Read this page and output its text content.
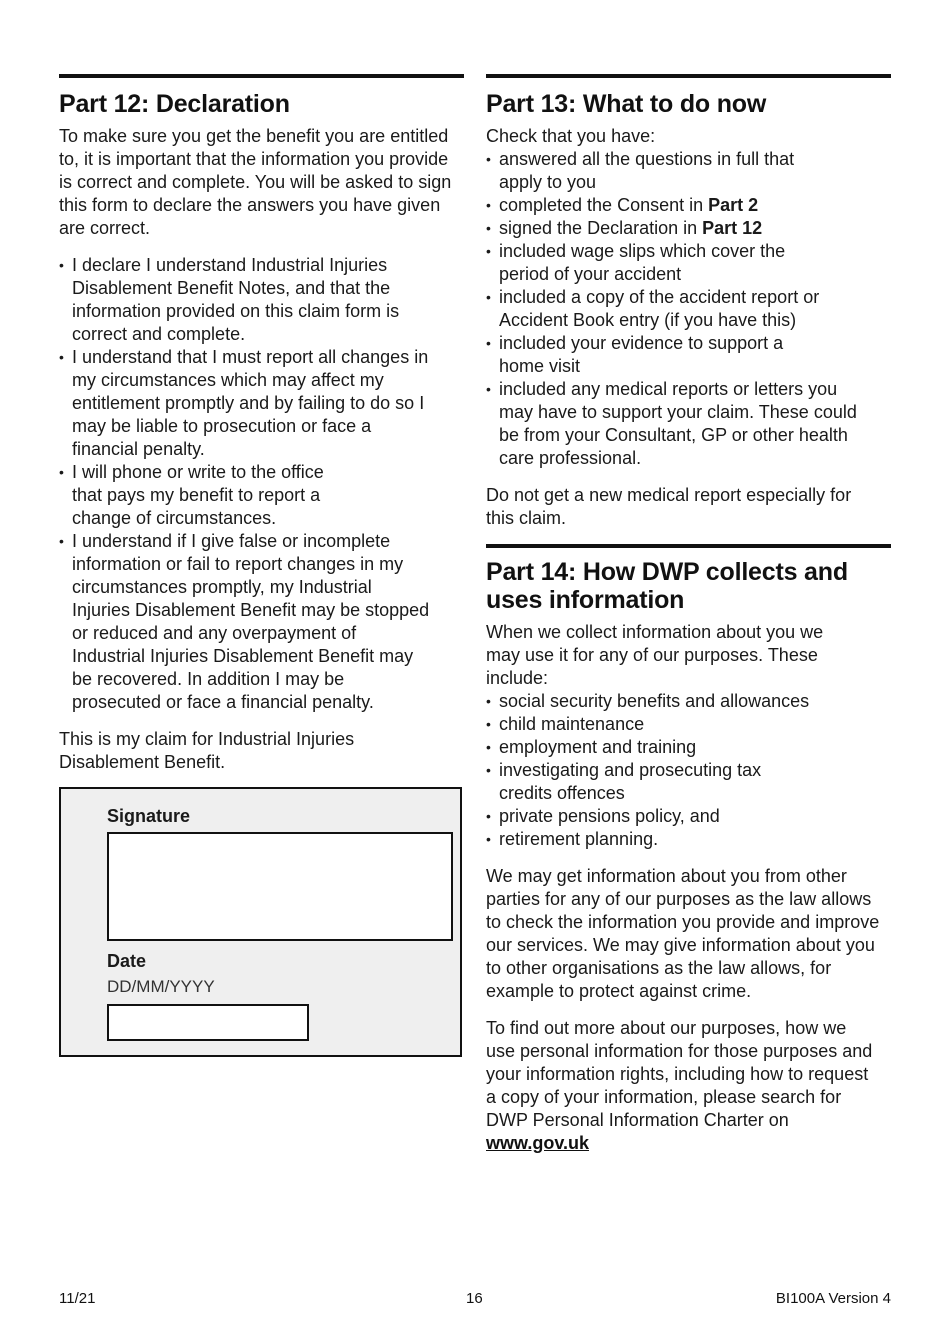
Part 12: Declaration

To make sure you get the benefit you are entitled to, it is important that the information you provide is correct and complete. You will be asked to sign this form to declare the answers you have given are correct.

• I declare I understand Industrial Injuries Disablement Benefit Notes, and that the information provided on this claim form is correct and complete.
• I understand that I must report all changes in my circumstances which may affect my entitlement promptly and by failing to do so I may be liable to prosecution or face a financial penalty.
• I will phone or write to the office that pays my benefit to report a change of circumstances.
• I understand if I give false or incomplete information or fail to report changes in my circumstances promptly, my Industrial Injuries Disablement Benefit may be stopped or reduced and any overpayment of Industrial Injuries Disablement Benefit may be recovered. In addition I may be prosecuted or face a financial penalty.

This is my claim for Industrial Injuries Disablement Benefit.

Signature
Date
DD/MM/YYYY
Part 13: What to do now

Check that you have:

• answered all the questions in full that apply to you
• completed the Consent in Part 2
• signed the Declaration in Part 12
• included wage slips which cover the period of your accident
• included a copy of the accident report or Accident Book entry (if you have this)
• included your evidence to support a home visit
• included any medical reports or letters you may have to support your claim. These could be from your Consultant, GP or other health care professional.

Do not get a new medical report especially for this claim.

Part 14: How DWP collects and uses information

When we collect information about you we may use it for any of our purposes. These include:

• social security benefits and allowances
• child maintenance
• employment and training
• investigating and prosecuting tax credits offences
• private pensions policy, and
• retirement planning.

We may get information about you from other parties for any of our purposes as the law allows to check the information you provide and improve our services. We may give information about you to other organisations as the law allows, for example to protect against crime.

To find out more about our purposes, how we use personal information for those purposes and your information rights, including how to request a copy of your information, please search for DWP Personal Information Charter on www.gov.uk

11/21	16	BI100A Version 4
